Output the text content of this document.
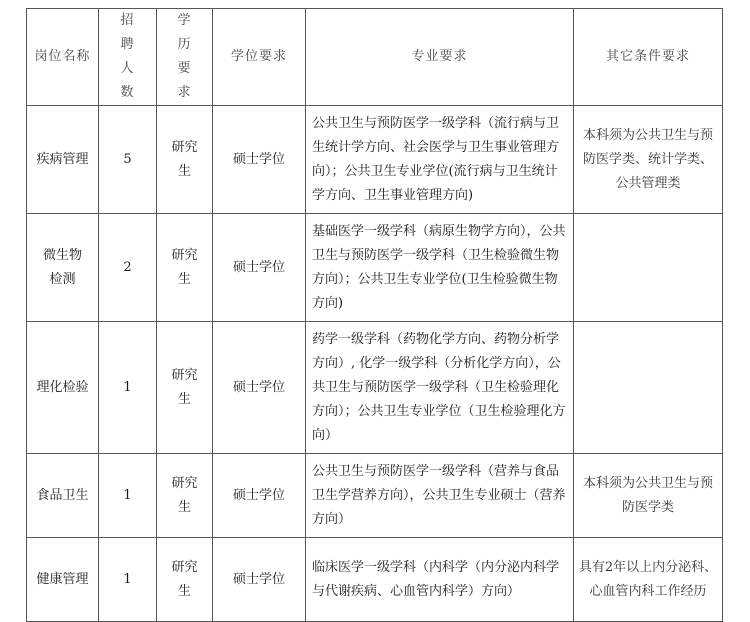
岗位名称	招聘人数	学历要求	学位要求	专业要求	其它条件要求

疾病管理	5	研究生	硕士学位	公共卫生与预防医学一级学科（流行病与卫生统计学方向、社会医学与卫生事业管理方向）；公共卫生专业学位(流行病与卫生统计学方向、卫生事业管理方向)	本科须为公共卫生与预防医学类、统计学类、公共管理类

微生物检测	2	研究生	硕士学位	基础医学一级学科（病原生物学方向），公共卫生与预防医学一级学科（卫生检验微生物方向）；公共卫生专业学位(卫生检验微生物方向)	

理化检验	1	研究生	硕士学位	药学一级学科（药物化学方向、药物分析学方向）, 化学一级学科（分析化学方向），公共卫生与预防医学一级学科（卫生检验理化方向）；公共卫生专业学位（卫生检验理化方向）	

食品卫生	1	研究生	硕士学位	公共卫生与预防医学一级学科（营养与食品卫生学营养方向），公共卫生专业硕士（营养方向）	本科须为公共卫生与预防医学类

健康管理	1	研究生	硕士学位	临床医学一级学科（内科学（内分泌内科学与代谢疾病、心血管内科学）方向）	具有2年以上内分泌科、心血管内科工作经历
